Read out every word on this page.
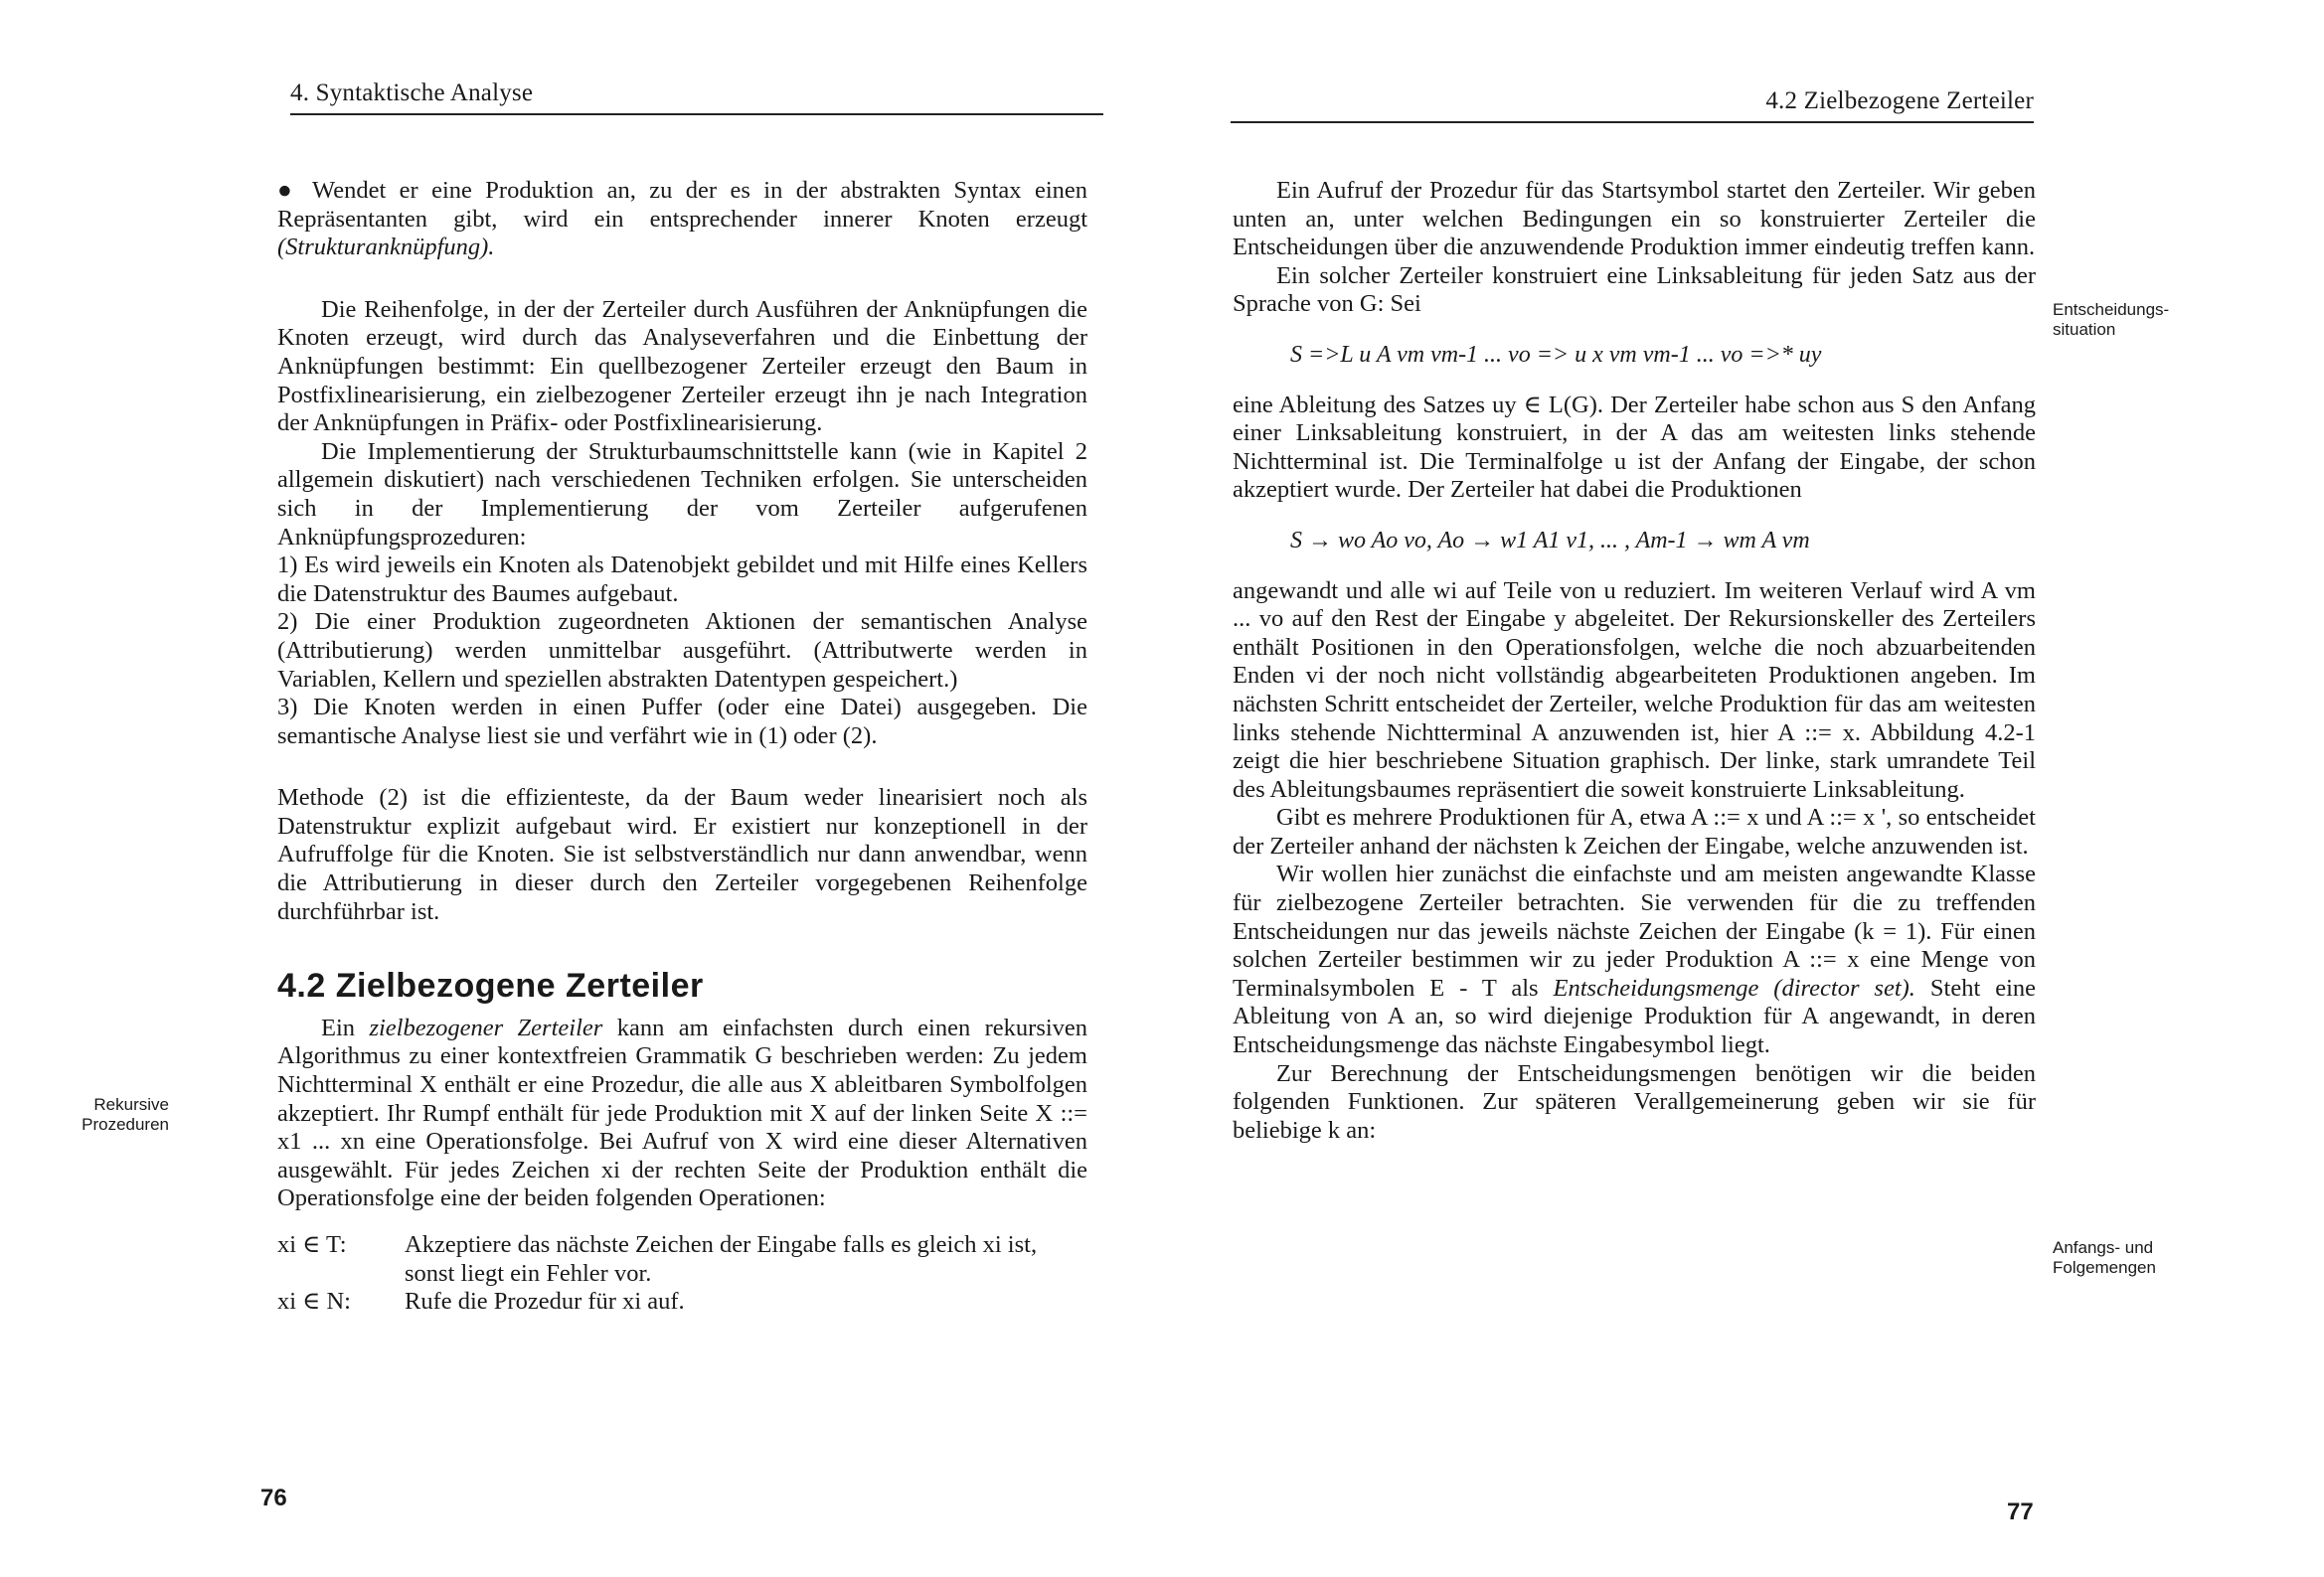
4. Syntaktische Analyse
Rekursive Prozeduren

● Wendet er eine Produktion an, zu der es in der abstrakten Syntax einen Repräsentanten gibt, wird ein entsprechender innerer Knoten erzeugt (Strukturanknüpfung).

Die Reihenfolge, in der der Zerteiler durch Ausführen der Anknüpfungen die Knoten erzeugt, wird durch das Analyseverfahren und die Einbettung der Anknüpfungen bestimmt: Ein quellbezogener Zerteiler erzeugt den Baum in Postfixlinearisierung, ein zielbezogener Zerteiler erzeugt ihn je nach Integration der Anknüpfungen in Präfix- oder Postfixlinearisierung.

Die Implementierung der Strukturbaumschnittstelle kann (wie in Kapitel 2 allgemein diskutiert) nach verschiedenen Techniken erfolgen. Sie unterscheiden sich in der Implementierung der vom Zerteiler aufgerufenen Anknüpfungsprozeduren:

1) Es wird jeweils ein Knoten als Datenobjekt gebildet und mit Hilfe eines Kellers die Datenstruktur des Baumes aufgebaut.

2) Die einer Produktion zugeordneten Aktionen der semantischen Analyse (Attributierung) werden unmittelbar ausgeführt. (Attributwerte werden in Variablen, Kellern und speziellen abstrakten Datentypen gespeichert.)

3) Die Knoten werden in einen Puffer (oder eine Datei) ausgegeben. Die semantische Analyse liest sie und verfährt wie in (1) oder (2).

Methode (2) ist die effizienteste, da der Baum weder linearisiert noch als Datenstruktur explizit aufgebaut wird. Er existiert nur konzeptionell in der Aufruffolge für die Knoten. Sie ist selbstverständlich nur dann anwendbar, wenn die Attributierung in dieser durch den Zerteiler vorgegebenen Reihenfolge durchführbar ist.

4.2 Zielbezogene Zerteiler

Ein zielbezogener Zerteiler kann am einfachsten durch einen rekursiven Algorithmus zu einer kontextfreien Grammatik G beschrieben werden: Zu jedem Nichtterminal X enthält er eine Prozedur, die alle aus X ableitbaren Symbolfolgen akzeptiert. Ihr Rumpf enthält für jede Produktion mit X auf der linken Seite X ::= x1 ... xn eine Operationsfolge. Bei Aufruf von X wird eine dieser Alternativen ausgewählt. Für jedes Zeichen xi der rechten Seite der Produktion enthält die Operationsfolge eine der beiden folgenden Operationen:

xi ∈ T:	Akzeptiere das nächste Zeichen der Eingabe falls es gleich xi ist, sonst liegt ein Fehler vor.
xi ∈ N:	Rufe die Prozedur für xi auf.
76
4.2 Zielbezogene Zerteiler
Entscheidungs-situation
Anfangs- und Folgemengen

Ein Aufruf der Prozedur für das Startsymbol startet den Zerteiler. Wir geben unten an, unter welchen Bedingungen ein so konstruierter Zerteiler die Entscheidungen über die anzuwendende Produktion immer eindeutig treffen kann.

Ein solcher Zerteiler konstruiert eine Linksableitung für jeden Satz aus der Sprache von G: Sei

S =>L u A vm vm-1 ... vo => u x vm vm-1 ... vo =>* uy

eine Ableitung des Satzes uy ∈ L(G). Der Zerteiler habe schon aus S den Anfang einer Linksableitung konstruiert, in der A das am weitesten links stehende Nichtterminal ist. Die Terminalfolge u ist der Anfang der Eingabe, der schon akzeptiert wurde. Der Zerteiler hat dabei die Produktionen

S → wo Ao vo, Ao → w1 A1 v1, ... , Am-1 → wm A vm

angewandt und alle wi auf Teile von u reduziert. Im weiteren Verlauf wird A vm ... vo auf den Rest der Eingabe y abgeleitet. Der Rekursionskeller des Zerteilers enthält Positionen in den Operationsfolgen, welche die noch abzuarbeitenden Enden vi der noch nicht vollständig abgearbeiteten Produktionen angeben. Im nächsten Schritt entscheidet der Zerteiler, welche Produktion für das am weitesten links stehende Nichtterminal A anzuwenden ist, hier A ::= x. Abbildung 4.2-1 zeigt die hier beschriebene Situation graphisch. Der linke, stark umrandete Teil des Ableitungsbaumes repräsentiert die soweit konstruierte Linksableitung.

Gibt es mehrere Produktionen für A, etwa A ::= x und A ::= x ', so entscheidet der Zerteiler anhand der nächsten k Zeichen der Eingabe, welche anzuwenden ist.

Wir wollen hier zunächst die einfachste und am meisten angewandte Klasse für zielbezogene Zerteiler betrachten. Sie verwenden für die zu treffenden Entscheidungen nur das jeweils nächste Zeichen der Eingabe (k = 1). Für einen solchen Zerteiler bestimmen wir zu jeder Produktion A ::= x eine Menge von Terminalsymbolen E - T als Entscheidungsmenge (director set). Steht eine Ableitung von A an, so wird diejenige Produktion für A angewandt, in deren Entscheidungsmenge das nächste Eingabesymbol liegt.

Zur Berechnung der Entscheidungsmengen benötigen wir die beiden folgenden Funktionen. Zur späteren Verallgemeinerung geben wir sie für beliebige k an:

77
